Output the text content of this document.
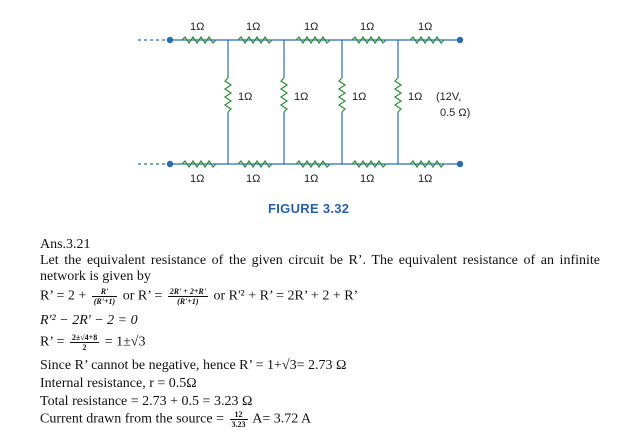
1Ω	1Ω	1Ω	1Ω	1Ω
1Ω	1Ω	1Ω	1Ω (12V,
0.5 Ω)
1Ω	1Ω	1Ω	1Ω	1Ω
FIGURE 3.32
Ans.3.21
Let the equivalent resistance of the given circuit be R’. The equivalent resistance of an infinite network is given by
R’ = $2 + \frac{R'}{(R'+1)}$ or R’ = $\frac{2R' + 2+R'}{(R'+1)}$ or R'² + R’ = 2R’ + 2 + R’
R'² − 2R' − 2 = 0
R’ = $\frac{2\pm√4+8}{2} = 1\pm√3$
Since R’ cannot be negative, hence R’ = 1+√3= 2.73 Ω
Internal resistance, r = 0.5Ω
Total resistance = 2.73 + 0.5 = 3.23 Ω
Current drawn from the source = $\frac{12}{3.23} A= 3.72$ A
